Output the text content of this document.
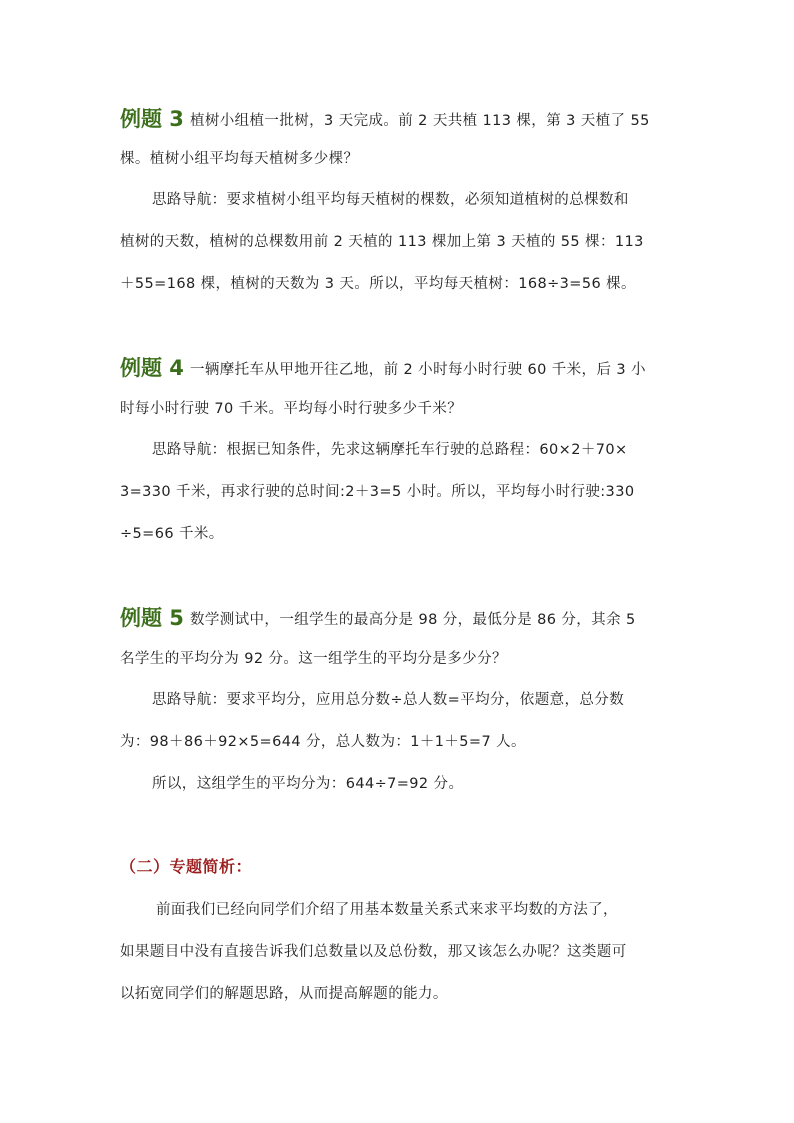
例题 3 植树小组植一批树，3 天完成。前 2 天共植 113 棵，第 3 天植了 55
棵。植树小组平均每天植树多少棵？
思路导航：要求植树小组平均每天植树的棵数，必须知道植树的总棵数和
植树的天数，植树的总棵数用前 2 天植的 113 棵加上第 3 天植的 55 棵：113
＋55=168 棵，植树的天数为 3 天。所以，平均每天植树：168÷3=56 棵。
例题 4 一辆摩托车从甲地开往乙地，前 2 小时每小时行驶 60 千米，后 3 小
时每小时行驶 70 千米。平均每小时行驶多少千米？
思路导航：根据已知条件，先求这辆摩托车行驶的总路程：60×2＋70×
3=330 千米，再求行驶的总时间:2＋3=5 小时。所以，平均每小时行驶:330
÷5=66 千米。
例题 5 数学测试中，一组学生的最高分是 98 分，最低分是 86 分，其余 5
名学生的平均分为 92 分。这一组学生的平均分是多少分？
思路导航：要求平均分，应用总分数÷总人数=平均分，依题意，总分数
为：98＋86＋92×5=644 分，总人数为：1＋1＋5=7 人。
所以，这组学生的平均分为：644÷7=92 分。
（二）专题简析：
前面我们已经向同学们介绍了用基本数量关系式来求平均数的方法了，
如果题目中没有直接告诉我们总数量以及总份数，那又该怎么办呢？这类题可
以拓宽同学们的解题思路，从而提高解题的能力。
